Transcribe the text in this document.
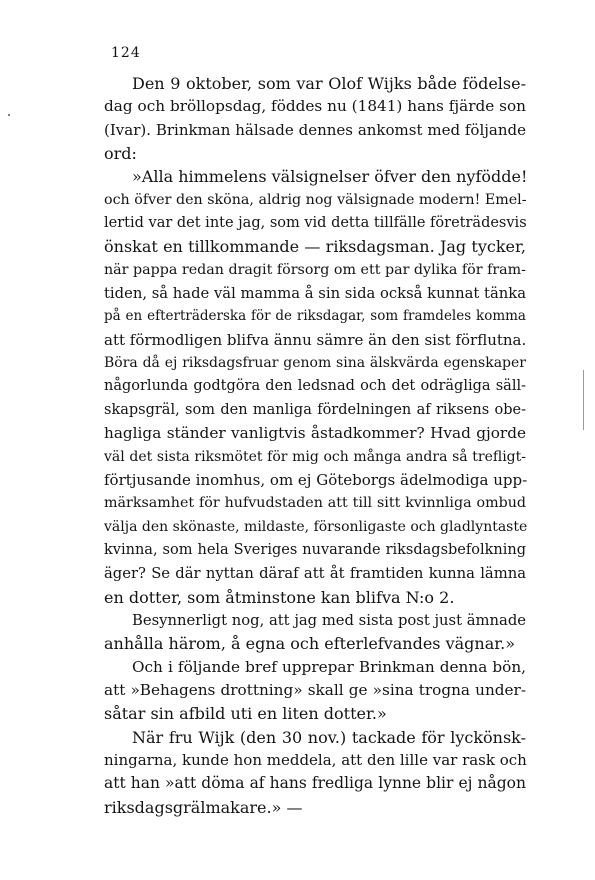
124
Den 9 oktober, som var Olof Wijks både födelse-
dag och bröllopsdag, föddes nu (1841) hans fjärde son
(Ivar). Brinkman hälsade dennes ankomst med följande
ord:
»Alla himmelens välsignelser öfver den nyfödde!
och öfver den sköna, aldrig nog välsignade modern! Emel-
lertid var det inte jag, som vid detta tillfälle företrädesvis
önskat en tillkommande — riksdagsman. Jag tycker,
när pappa redan dragit försorg om ett par dylika för fram-
tiden, så hade väl mamma å sin sida också kunnat tänka
på en efterträderska för de riksdagar, som framdeles komma
att förmodligen blifva ännu sämre än den sist förflutna.
Böra då ej riksdagsfruar genom sina älskvärda egenskaper
någorlunda godtgöra den ledsnad och det odrägliga säll-
skapsgräl, som den manliga fördelningen af riksens obe-
hagliga ständer vanligtvis åstadkommer? Hvad gjorde
väl det sista riksmötet för mig och många andra så trefligt-
förtjusande inomhus, om ej Göteborgs ädelmodiga upp-
märksamhet för hufvudstaden att till sitt kvinnliga ombud
välja den skönaste, mildaste, försonligaste och gladlyntaste
kvinna, som hela Sveriges nuvarande riksdagsbefolkning
äger? Se där nyttan däraf att åt framtiden kunna lämna
en dotter, som åtminstone kan blifva N:o 2.
Besynnerligt nog, att jag med sista post just ämnade
anhålla härom, å egna och efterlefvandes vägnar.»
Och i följande bref upprepar Brinkman denna bön,
att »Behagens drottning» skall ge »sina trogna under-
såtar sin afbild uti en liten dotter.»
När fru Wijk (den 30 nov.) tackade för lyckönsk-
ningarna, kunde hon meddela, att den lille var rask och
att han »att döma af hans fredliga lynne blir ej någon
riksdagsgrälmakare.» —
